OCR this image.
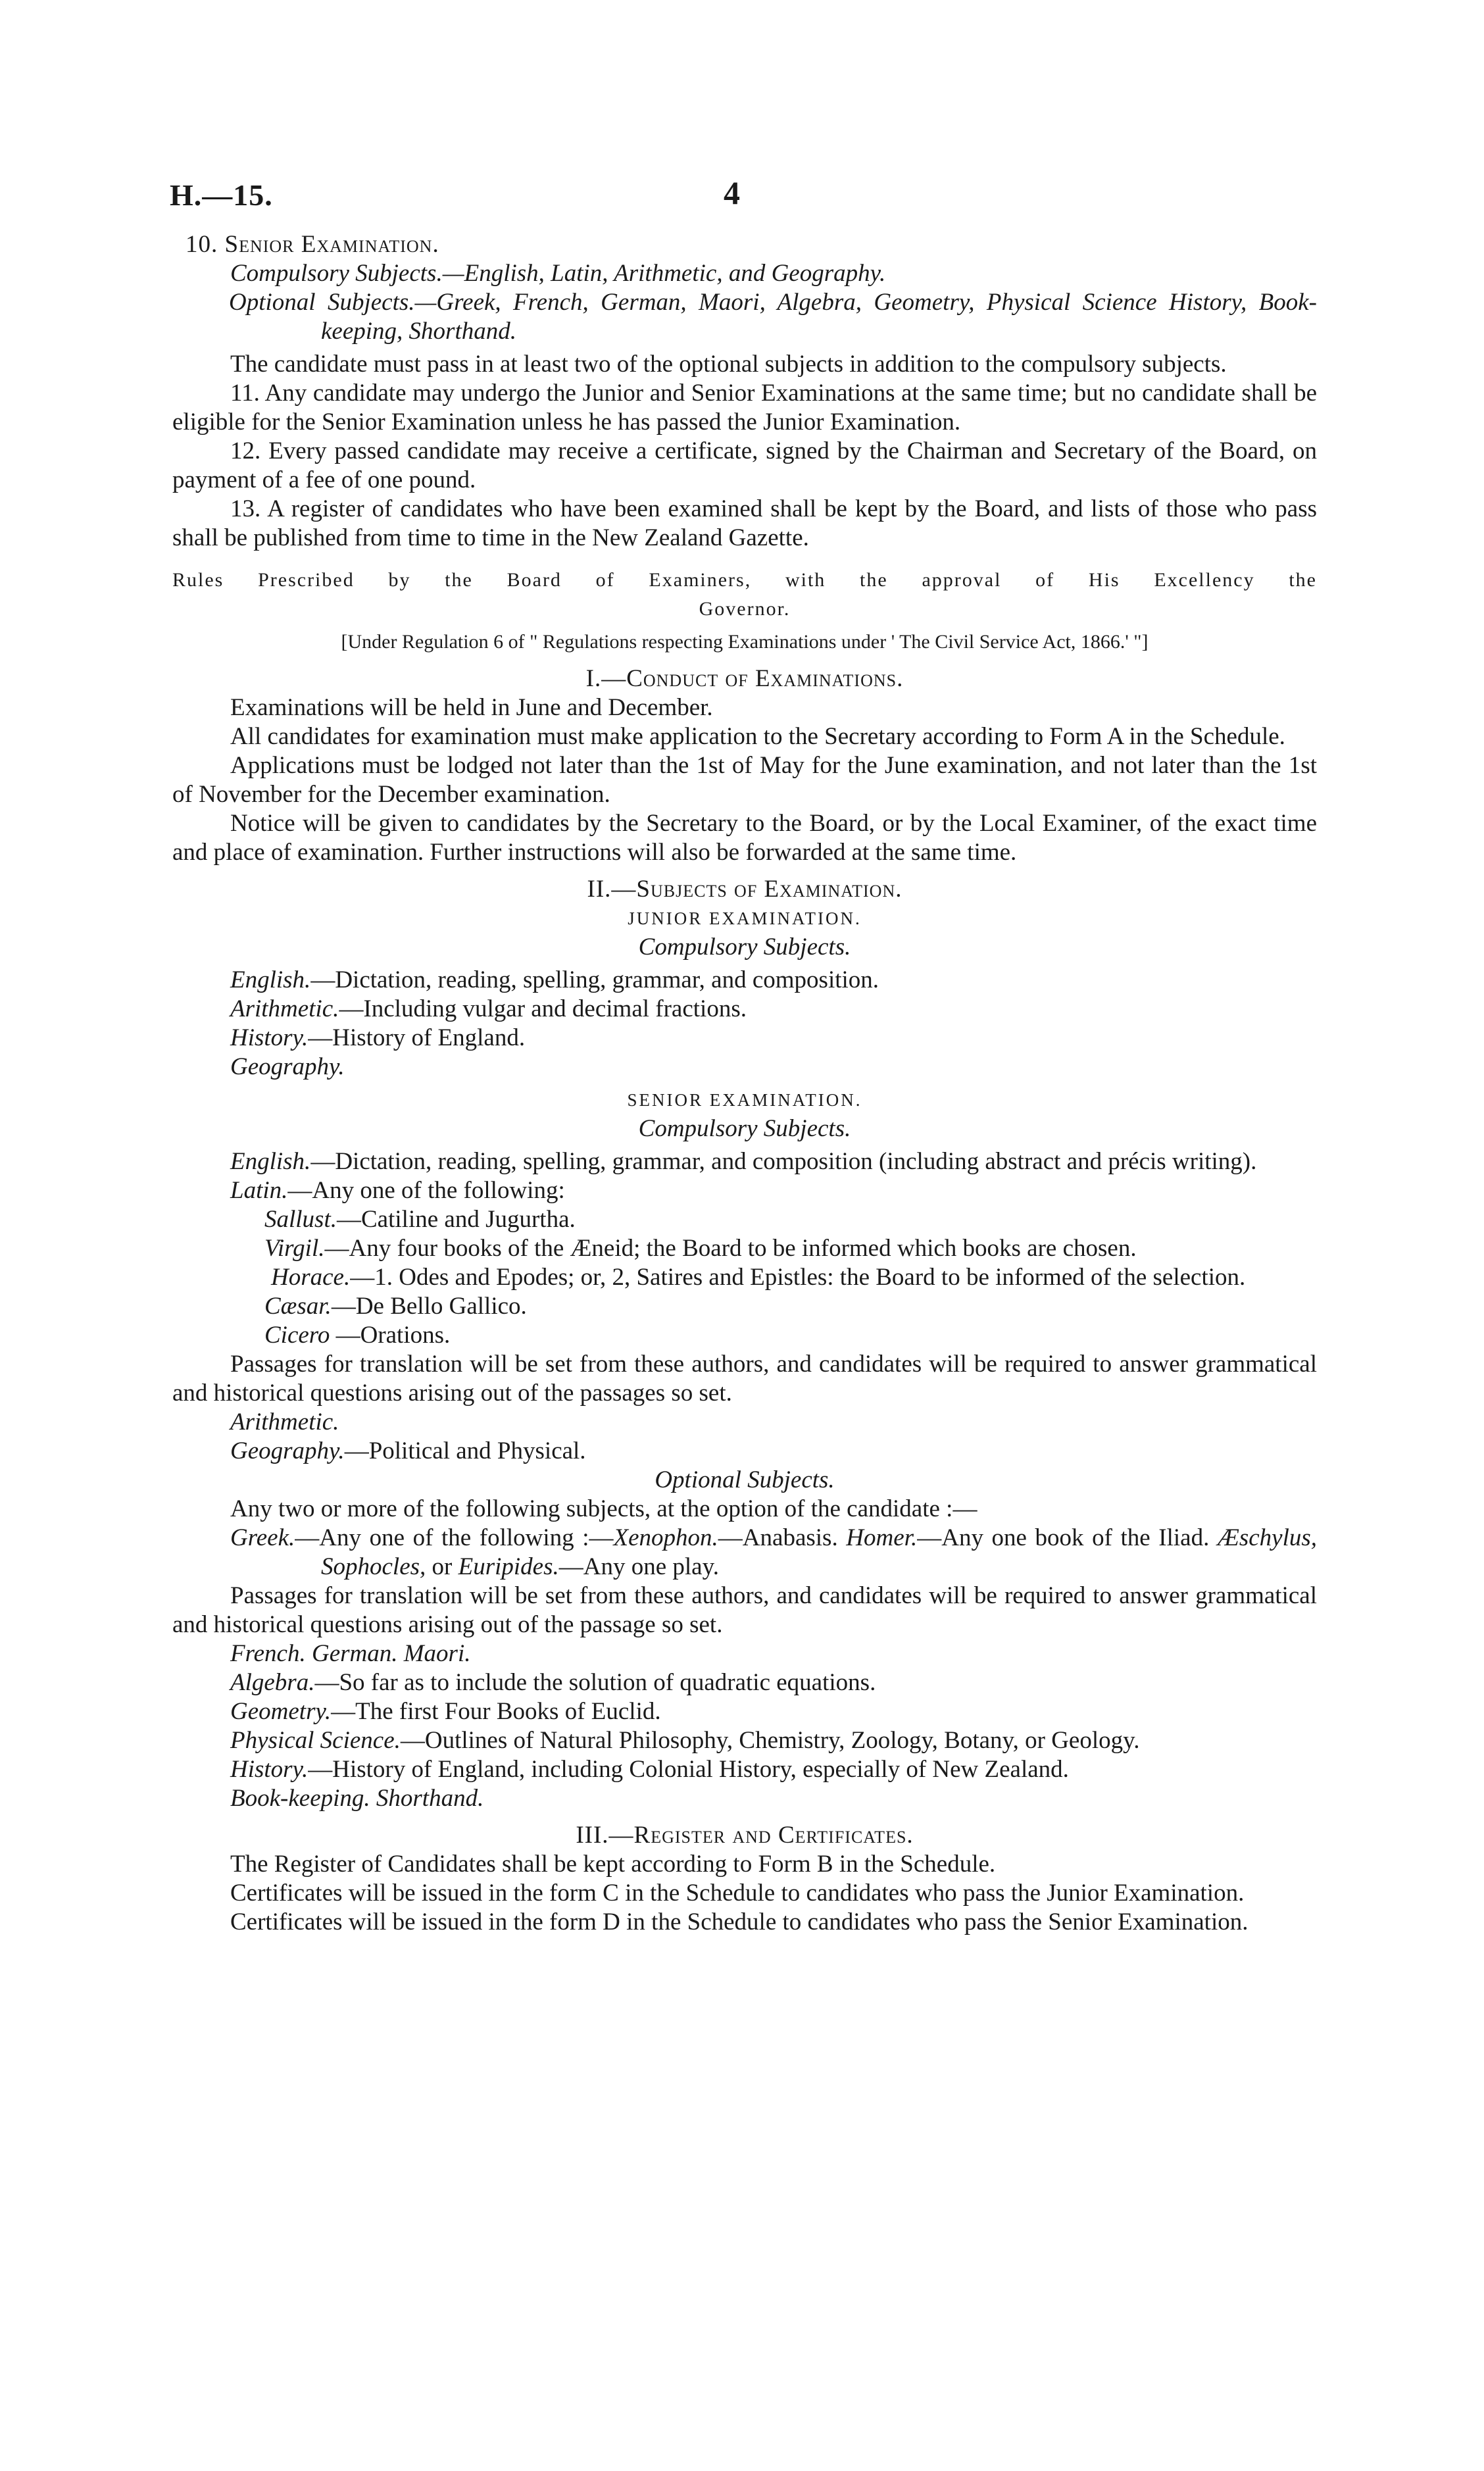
H.—15.	4

10. Senior Examination.

Compulsory Subjects.—English, Latin, Arithmetic, and Geography.

Optional Subjects.—Greek, French, German, Maori, Algebra, Geometry, Physical Science History, Book-keeping, Shorthand.

The candidate must pass in at least two of the optional subjects in addition to the compulsory subjects.

11. Any candidate may undergo the Junior and Senior Examinations at the same time; but no candidate shall be eligible for the Senior Examination unless he has passed the Junior Examination.

12. Every passed candidate may receive a certificate, signed by the Chairman and Secretary of the Board, on payment of a fee of one pound.

13. A register of candidates who have been examined shall be kept by the Board, and lists of those who pass shall be published from time to time in the New Zealand Gazette.

Rules Prescribed by the Board of Examiners, with the approval of His Excellency the

Governor.

[Under Regulation 6 of " Regulations respecting Examinations under ' The Civil Service Act, 1866.' "]

I.—Conduct of Examinations.

Examinations will be held in June and December.

All candidates for examination must make application to the Secretary according to Form A in the Schedule.

Applications must be lodged not later than the 1st of May for the June examination, and not later than the 1st of November for the December examination.

Notice will be given to candidates by the Secretary to the Board, or by the Local Examiner, of the exact time and place of examination. Further instructions will also be forwarded at the same time.

II.—Subjects of Examination.

JUNIOR EXAMINATION.

Compulsory Subjects.

English.—Dictation, reading, spelling, grammar, and composition.

Arithmetic.—Including vulgar and decimal fractions.

History.—History of England.

Geography.

SENIOR EXAMINATION.

Compulsory Subjects.

English.—Dictation, reading, spelling, grammar, and composition (including abstract and précis writing).

Latin.—Any one of the following:

Sallust.—Catiline and Jugurtha.

Virgil.—Any four books of the Æneid; the Board to be informed which books are chosen.

Horace.—1. Odes and Epodes; or, 2, Satires and Epistles: the Board to be informed of the selection.

Cæsar.—De Bello Gallico.

Cicero —Orations.

Passages for translation will be set from these authors, and candidates will be required to answer grammatical and historical questions arising out of the passages so set.

Arithmetic.

Geography.—Political and Physical.

Optional Subjects.

Any two or more of the following subjects, at the option of the candidate :—

Greek.—Any one of the following :—Xenophon.—Anabasis. Homer.—Any one book of the Iliad. Æschylus, Sophocles, or Euripides.—Any one play.

Passages for translation will be set from these authors, and candidates will be required to answer grammatical and historical questions arising out of the passage so set.

French. German. Maori.

Algebra.—So far as to include the solution of quadratic equations.

Geometry.—The first Four Books of Euclid.

Physical Science.—Outlines of Natural Philosophy, Chemistry, Zoology, Botany, or Geology.

History.—History of England, including Colonial History, especially of New Zealand.

Book-keeping. Shorthand.

III.—Register and Certificates.

The Register of Candidates shall be kept according to Form B in the Schedule.

Certificates will be issued in the form C in the Schedule to candidates who pass the Junior Examination.

Certificates will be issued in the form D in the Schedule to candidates who pass the Senior Examination.
